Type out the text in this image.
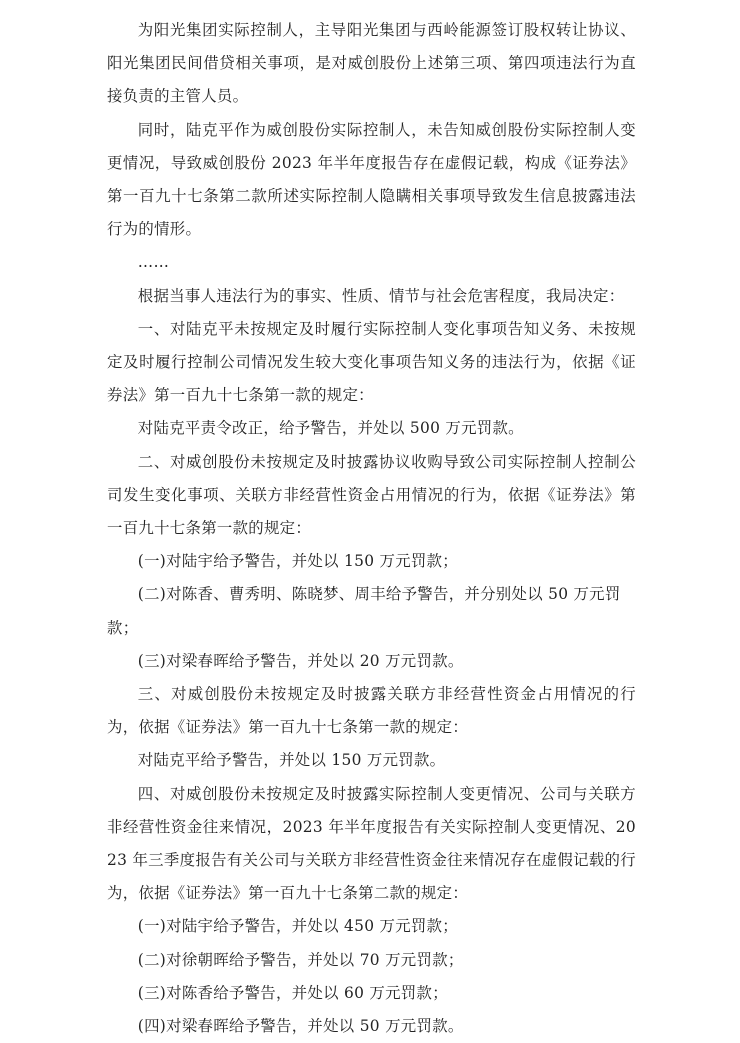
为阳光集团实际控制人，主导阳光集团与西岭能源签订股权转让协议、阳光集团民间借贷相关事项，是对威创股份上述第三项、第四项违法行为直接负责的主管人员。

同时，陆克平作为威创股份实际控制人，未告知威创股份实际控制人变更情况，导致威创股份 2023 年半年度报告存在虚假记载，构成《证券法》第一百九十七条第二款所述实际控制人隐瞒相关事项导致发生信息披露违法行为的情形。

……

根据当事人违法行为的事实、性质、情节与社会危害程度，我局决定：

一、对陆克平未按规定及时履行实际控制人变化事项告知义务、未按规定及时履行控制公司情况发生较大变化事项告知义务的违法行为，依据《证券法》第一百九十七条第一款的规定：

对陆克平责令改正，给予警告，并处以 500 万元罚款。

二、对威创股份未按规定及时披露协议收购导致公司实际控制人控制公司发生变化事项、关联方非经营性资金占用情况的行为，依据《证券法》第一百九十七条第一款的规定：

(一)对陆宇给予警告，并处以 150 万元罚款；

(二)对陈香、曹秀明、陈晓梦、周丰给予警告，并分别处以 50 万元罚款；

(三)对梁春晖给予警告，并处以 20 万元罚款。

三、对威创股份未按规定及时披露关联方非经营性资金占用情况的行为，依据《证券法》第一百九十七条第一款的规定：

对陆克平给予警告，并处以 150 万元罚款。

四、对威创股份未按规定及时披露实际控制人变更情况、公司与关联方非经营性资金往来情况，2023 年半年度报告有关实际控制人变更情况、2023 年三季度报告有关公司与关联方非经营性资金往来情况存在虚假记载的行为，依据《证券法》第一百九十七条第二款的规定：

(一)对陆宇给予警告，并处以 450 万元罚款；

(二)对徐朝晖给予警告，并处以 70 万元罚款；

(三)对陈香给予警告，并处以 60 万元罚款；

(四)对梁春晖给予警告，并处以 50 万元罚款。
